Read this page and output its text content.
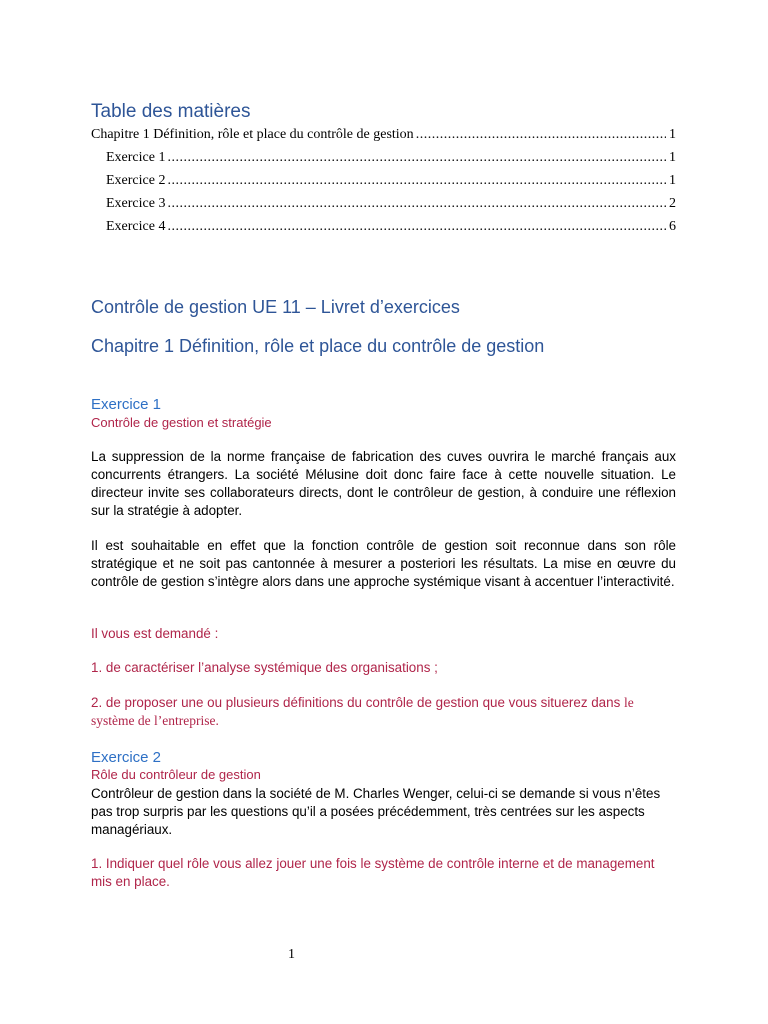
Table des matières
Chapitre 1 Définition, rôle et place du contrôle de gestion .....	1
Exercice 1 .....	1
Exercice 2 .....	1
Exercice 3 .....	2
Exercice 4 .....	6
Contrôle de gestion UE 11 – Livret d’exercices
Chapitre 1 Définition, rôle et place du contrôle de gestion
Exercice 1
Contrôle de gestion et stratégie
La suppression de la norme française de fabrication des cuves ouvrira le marché français aux concurrents étrangers. La société Mélusine doit donc faire face à cette nouvelle situation. Le directeur invite ses collaborateurs directs, dont le contrôleur de gestion, à conduire une réflexion sur la stratégie à adopter.
Il est souhaitable en effet que la fonction contrôle de gestion soit reconnue dans son rôle stratégique et ne soit pas cantonnée à mesurer a posteriori les résultats. La mise en œuvre du contrôle de gestion s’intègre alors dans une approche systémique visant à accentuer l’interactivité.
Il vous est demandé :
1. de caractériser l’analyse systémique des organisations ;
2. de proposer une ou plusieurs définitions du contrôle de gestion que vous situerez dans le système de l’entreprise.
Exercice 2
Rôle du contrôleur de gestion
Contrôleur de gestion dans la société de M. Charles Wenger, celui-ci se demande si vous n’êtes pas trop surpris par les questions qu’il a posées précédemment, très centrées sur les aspects managériaux.
1. Indiquer quel rôle vous allez jouer une fois le système de contrôle interne et de management mis en place.
1
